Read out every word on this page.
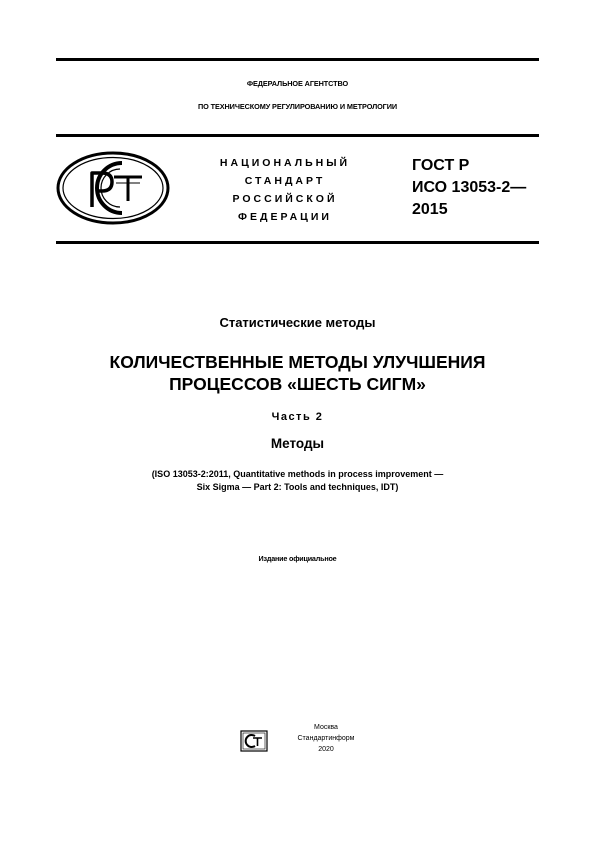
ФЕДЕРАЛЬНОЕ АГЕНТСТВО
ПО ТЕХНИЧЕСКОМУ РЕГУЛИРОВАНИЮ И МЕТРОЛОГИИ
НАЦИОНАЛЬНЫЙ
СТАНДАРТ
РОССИЙСКОЙ
ФЕДЕРАЦИИ
ГОСТ Р
ИСО 13053-2—
2015
Статистические методы
КОЛИЧЕСТВЕННЫЕ МЕТОДЫ УЛУЧШЕНИЯ
ПРОЦЕССОВ «ШЕСТЬ СИГМ»
Часть 2
Методы
(ISO 13053-2:2011, Quantitative methods in process improvement —
Six Sigma — Part 2: Tools and techniques, IDT)
Издание официальное
Москва
Стандартинформ
2020
